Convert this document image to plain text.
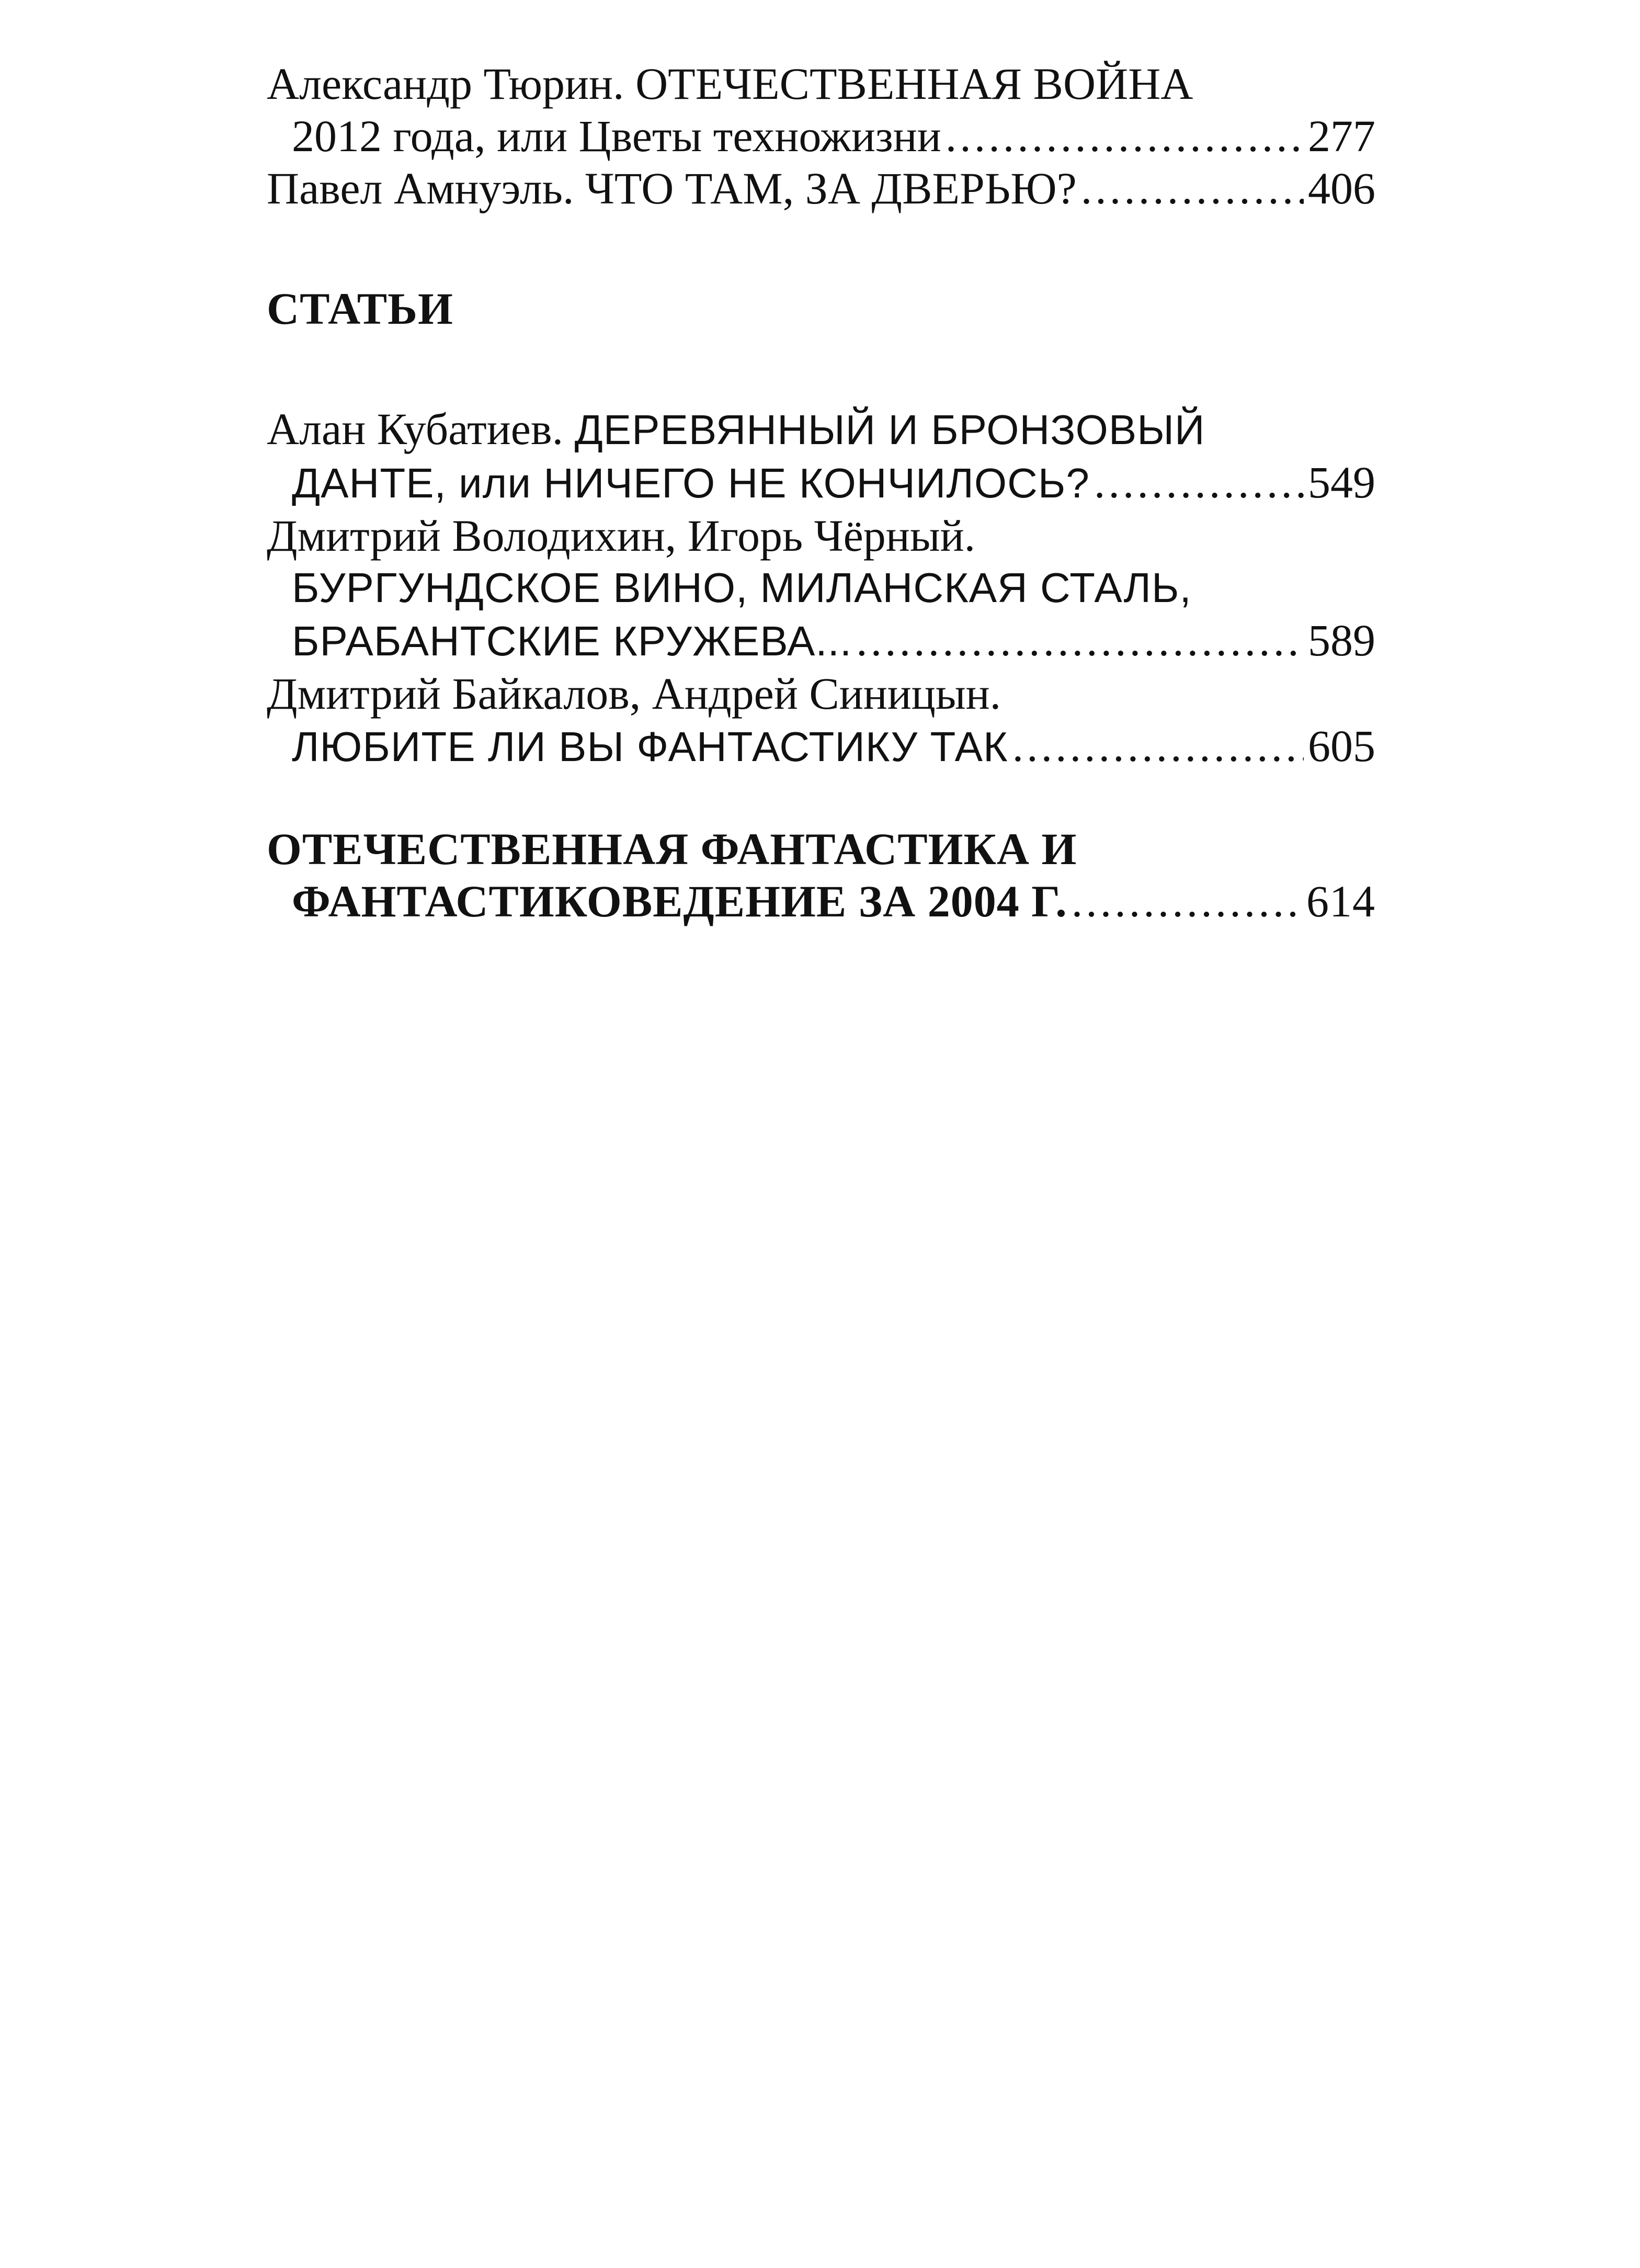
Александр Тюрин. ОТЕЧЕСТВЕННАЯ ВОЙНА
2012 года, или Цветы техножизни .....	277
Павел Амнуэль. ЧТО ТАМ, ЗА ДВЕРЬЮ? .....	406
СТАТЬИ
Алан Кубатиев. ДЕРЕВЯННЫЙ И БРОНЗОВЫЙ
ДАНТЕ, или НИЧЕГО НЕ КОНЧИЛОСЬ? .....	549
Дмитрий Володихин, Игорь Чёрный.
БУРГУНДСКОЕ ВИНО, МИЛАНСКАЯ СТАЛЬ,
БРАБАНТСКИЕ КРУЖЕВА... .....	589
Дмитрий Байкалов, Андрей Синицын.
ЛЮБИТЕ ЛИ ВЫ ФАНТАСТИКУ ТАК .....	605
ОТЕЧЕСТВЕННАЯ ФАНТАСТИКА И
ФАНТАСТИКОВЕДЕНИЕ ЗА 2004 Г. .....	614
